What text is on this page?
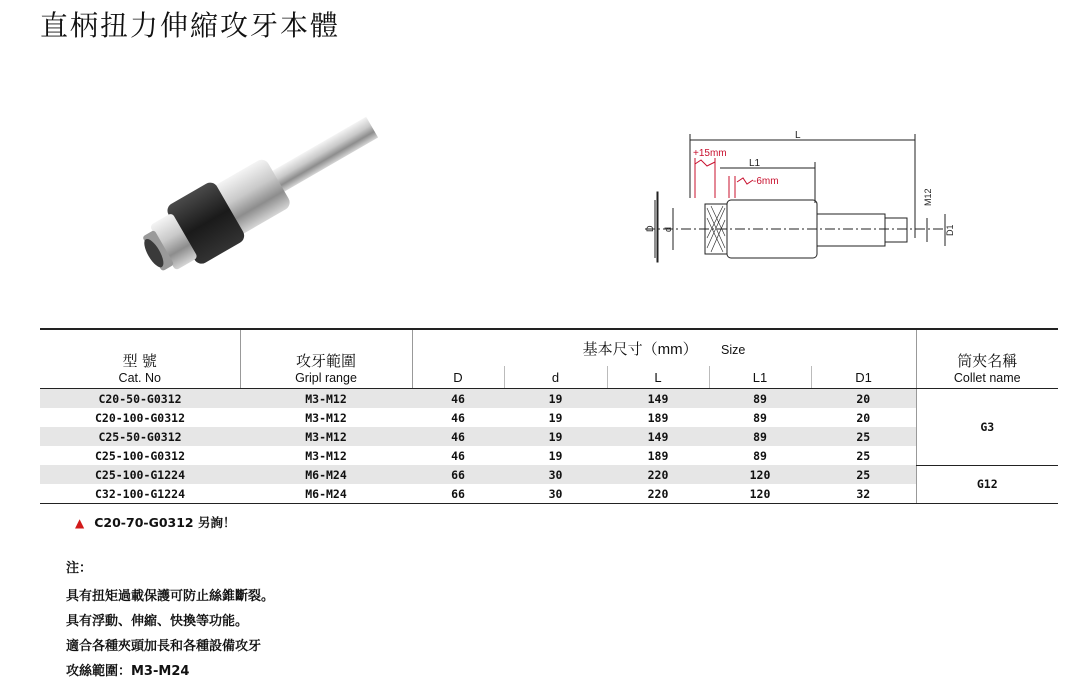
直柄扭力伸縮攻牙本體
L
L1
+15mm
-6mm
M12
D d	D1
型 號
Cat. No	攻牙範圍
Gripl range	基本尺寸（mm） Size					筒夾名稱
Collet name

		D	d	L	L1	D1	
C20-50-G0312	M3-M12	46	19	149	89	20	G3
C20-100-G0312	M3-M12	46	19	189	89	20	
C25-50-G0312	M3-M12	46	19	149	89	25	
C25-100-G0312	M3-M12	46	19	189	89	25	
C25-100-G1224	M6-M24	66	30	220	120	25	G12
C32-100-G1224	M6-M24	66	30	220	120	32	
▲ C20-70-G0312 另詢！
注：
具有扭矩過載保護可防止絲錐斷裂。
具有浮動、伸縮、快換等功能。
適合各種夾頭加長和各種設備攻牙
攻絲範圍：M3-M24
